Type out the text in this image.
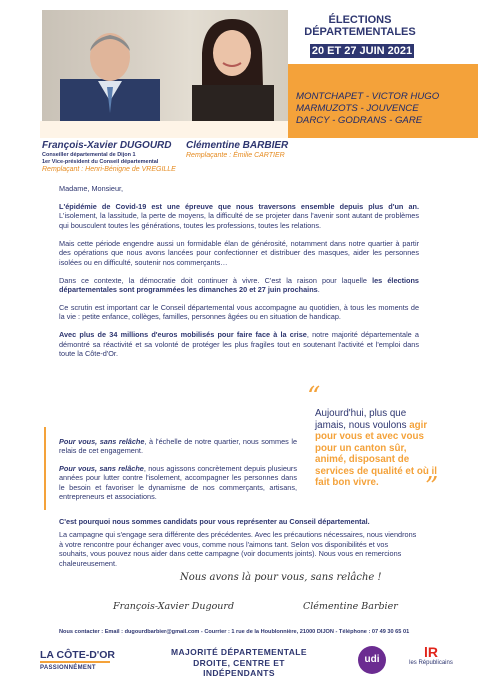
ÉLECTIONS
DÉPARTEMENTALES
20 ET 27 JUIN 2021
MONTCHAPET - VICTOR HUGO
MARMUZOTS - JOUVENCE
DARCY - GODRANS - GARE
François-Xavier DUGOURD
Conseiller départemental de Dijon 1
1er Vice-président du Conseil départemental
Remplaçant : Henri-Bénigne de VREGILLE
Clémentine BARBIER
Remplaçante : Émilie CARTIER

Madame, Monsieur,

L'épidémie de Covid-19 est une épreuve que nous traversons ensemble depuis plus d'un an. L'isolement, la lassitude, la perte de moyens, la difficulté de se projeter dans l'avenir sont autant de problèmes qui bousculent toutes les générations, toutes les professions, toutes les relations.

Mais cette période engendre aussi un formidable élan de générosité, notamment dans notre quartier à partir des opérations que nous avons lancées pour confectionner et distribuer des masques, aider les personnes isolées ou en difficulté, soutenir nos commerçants…

Dans ce contexte, la démocratie doit continuer à vivre. C'est la raison pour laquelle les élections départementales sont programmées les dimanches 20 et 27 juin prochains.

Ce scrutin est important car le Conseil départemental vous accompagne au quotidien, à tous les moments de la vie : petite enfance, collèges, familles, personnes âgées ou en situation de handicap.

Avec plus de 34 millions d'euros mobilisés pour faire face à la crise, notre majorité départementale a démontré sa réactivité et sa volonté de protéger les plus fragiles tout en soutenant l'activité et l'emploi dans toute la Côte-d'Or.

Pour vous, sans relâche, à l'échelle de notre quartier, nous sommes le relais de cet engagement.

Pour vous, sans relâche, nous agissons concrètement depuis plusieurs années pour lutter contre l'isolement, accompagner les personnes dans le besoin et favoriser le dynamisme de nos commerçants, artisans, entrepreneurs et associations.

“
Aujourd'hui, plus que jamais, nous voulons agir pour vous et avec vous pour un canton sûr, animé, disposant de services de qualité et où il fait bon vivre.	”

C'est pourquoi nous sommes candidats pour vous représenter au Conseil départemental.

La campagne qui s'engage sera différente des précédentes. Avec les précautions nécessaires, nous viendrons à votre rencontre pour échanger avec vous, comme nous l'aimons tant. Selon vos disponibilités et vos souhaits, vous pouvez nous aider dans cette campagne (voir documents joints). Nous vous en remercions chaleureusement.

Nous avons là pour vous, sans relâche !
François-Xavier Dugourd	Clémentine Barbier
Nous contacter : Email : dugourdbarbier@gmail.com - Courrier : 1 rue de la Houblonnière, 21000 DIJON - Téléphone : 07 49 30 65 01
LA CÔTE-D'OR
PASSIONNÉMENT
MAJORITÉ DÉPARTEMENTALE
DROITE, CENTRE ET INDÉPENDANTS
udi	lR
les Républicains
